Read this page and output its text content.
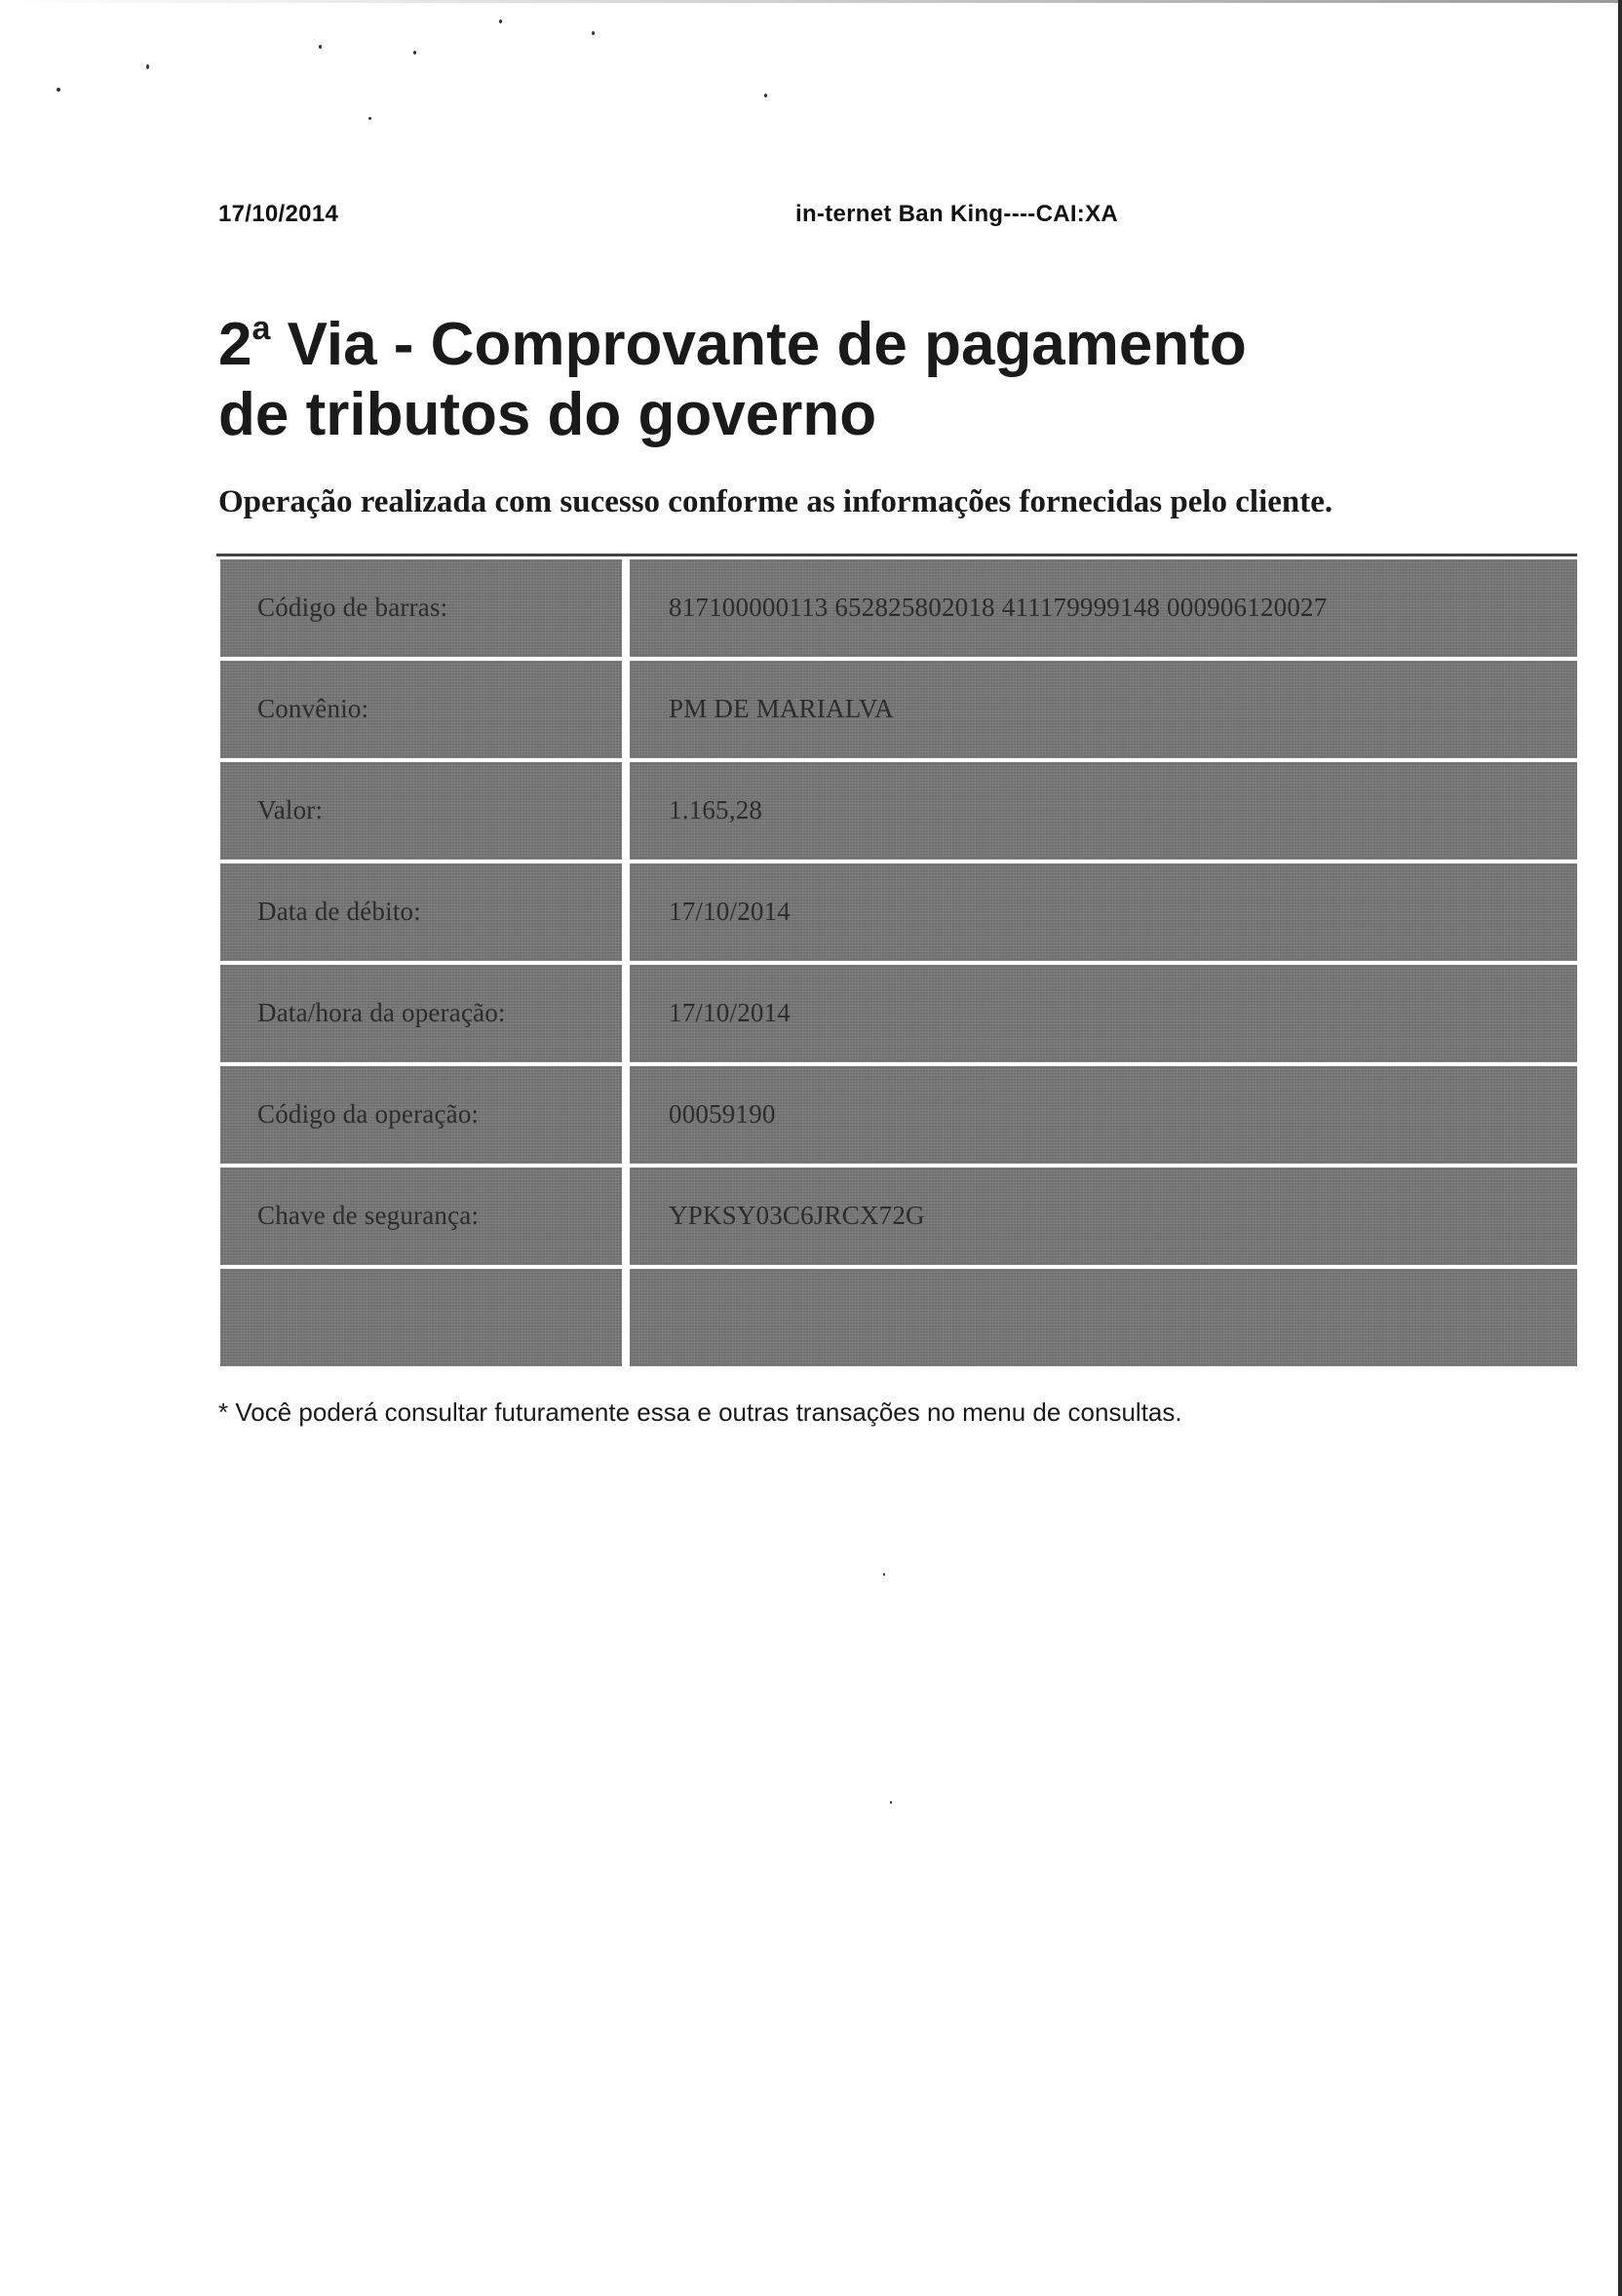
17/10/2014	in-ternet Ban King----CAI:XA
2$^a$ Via - Comprovante de pagamento
de tributos do governo
Operação realizada com sucesso conforme as informações fornecidas pelo cliente.
Código de barras:	817100000113 652825802018 411179999148 000906120027
Convênio:	PM DE MARIALVA
Valor:	1.165,28
Data de débito:	17/10/2014
Data/hora da operação:	17/10/2014
Código da operação:	00059190
Chave de segurança:	YPKSY03C6JRCX72G
* Você poderá consultar futuramente essa e outras transações no menu de consultas.
